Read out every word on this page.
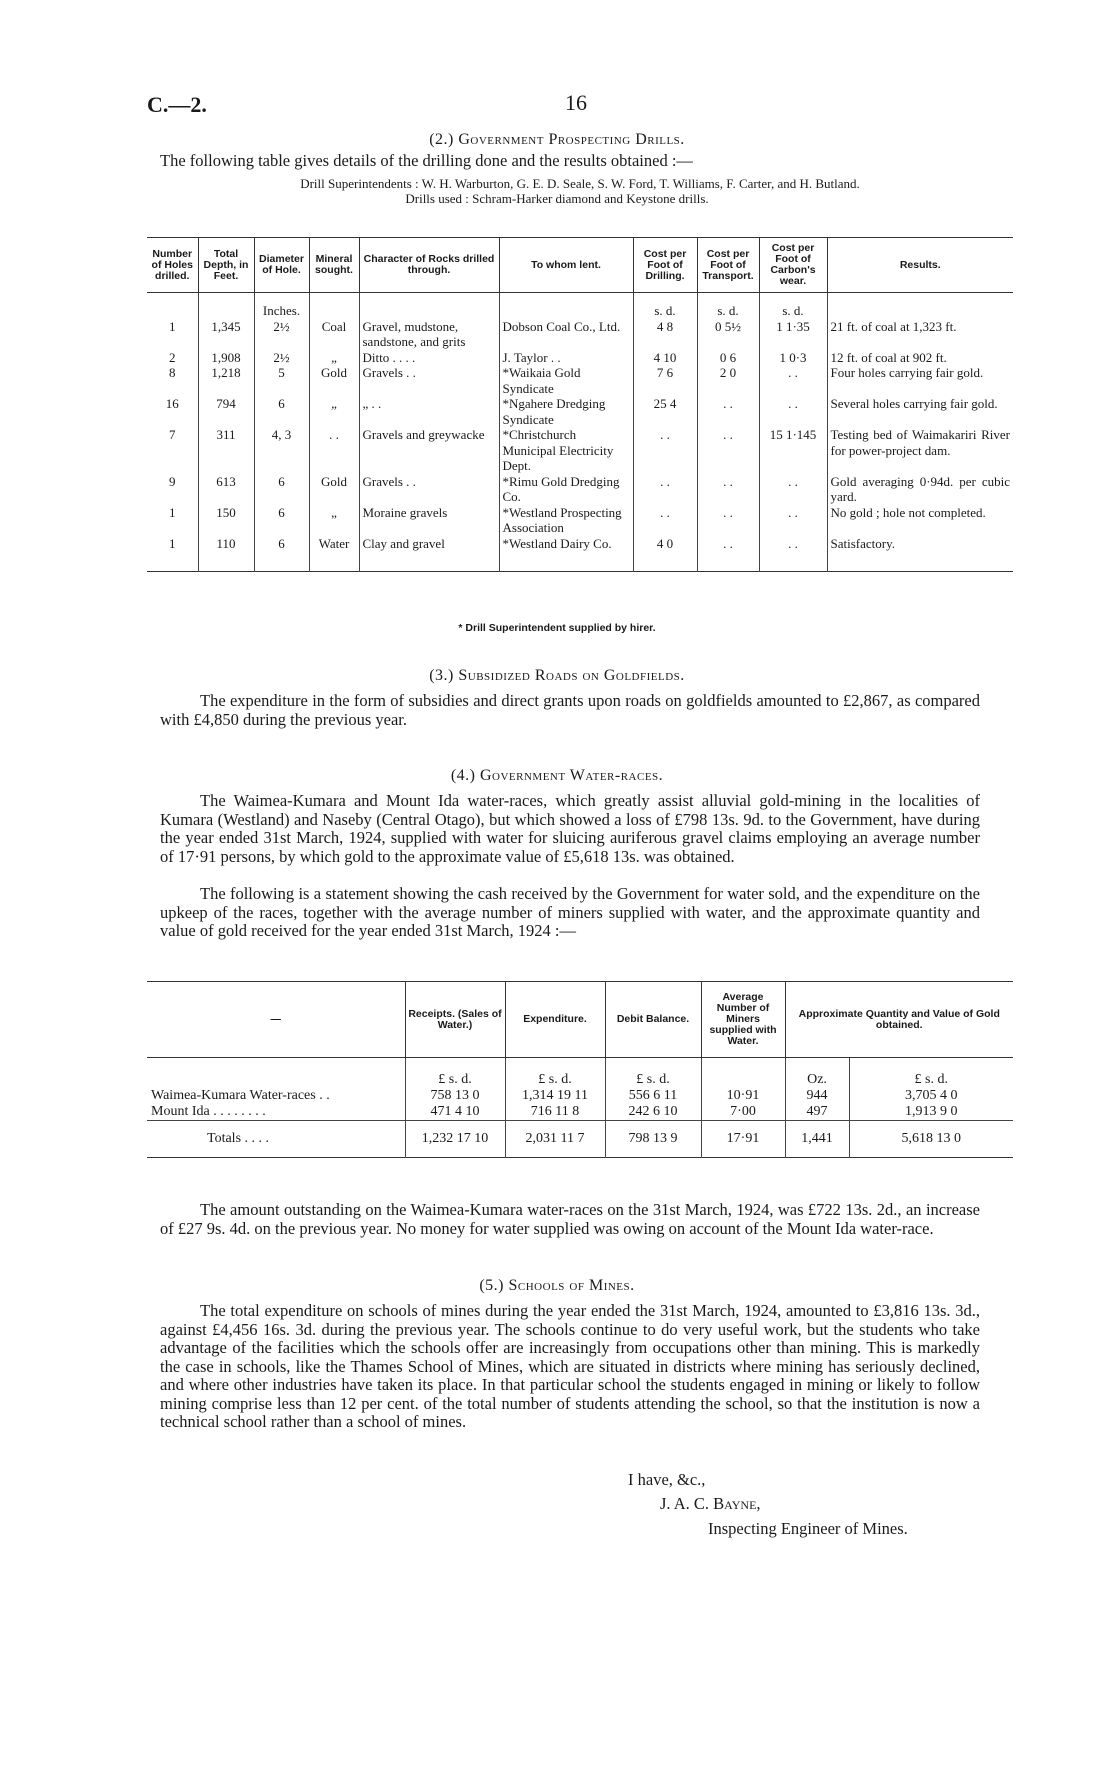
C.—2.	16
(2.) Government Prospecting Drills.
The following table gives details of the drilling done and the results obtained :—
Drill Superintendents : W. H. Warburton, G. E. D. Seale, S. W. Ford, T. Williams, F. Carter, and H. Butland.
Drills used : Schram-Harker diamond and Keystone drills.
Number of Holes drilled.	Total Depth, in Feet.	Diameter of Hole.	Mineral sought.	Character of Rocks drilled through.	To whom lent.	Cost per Foot of Drilling.	Cost per Foot of Transport.	Cost per Foot of Carbon's wear.	Results.
		Inches.				s. d.	s. d.	s. d.	
1	1,345	2½	Coal	Gravel, mudstone, sandstone, and grits	Dobson Coal Co., Ltd.	4 8	0 5½	1 1·35	21 ft. of coal at 1,323 ft.
2	1,908	2½	„	Ditto . . . .	J. Taylor . .	4 10	0 6	1 0·3	12 ft. of coal at 902 ft.
8	1,218	5	Gold	Gravels . .	*Waikaia Gold Syndicate	7 6	2 0	. .	Four holes carrying fair gold.
16	794	6	„	„ . .	*Ngahere Dredging Syndicate	25 4	. .	. .	Several holes carrying fair gold.
7	311	4, 3	. .	Gravels and greywacke	*Christchurch Municipal Electricity Dept.	. .	. .	15 1·145	Testing bed of Waimakariri River for power-project dam.
9	613	6	Gold	Gravels . .	*Rimu Gold Dredging Co.	. .	. .	. .	Gold averaging 0·94d. per cubic yard.
1	150	6	„	Moraine gravels	*Westland Prospecting Association	. .	. .	. .	No gold ; hole not completed.
1	110	6	Water	Clay and gravel	*Westland Dairy Co.	4 0	. .	. .	Satisfactory.
* Drill Superintendent supplied by hirer.
(3.) Subsidized Roads on Goldfields.
The expenditure in the form of subsidies and direct grants upon roads on goldfields amounted to £2,867, as compared with £4,850 during the previous year.
(4.) Government Water-races.
The Waimea-Kumara and Mount Ida water-races, which greatly assist alluvial gold-mining in the localities of Kumara (Westland) and Naseby (Central Otago), but which showed a loss of £798 13s. 9d. to the Government, have during the year ended 31st March, 1924, supplied with water for sluicing auriferous gravel claims employing an average number of 17·91 persons, by which gold to the approximate value of £5,618 13s. was obtained.
The following is a statement showing the cash received by the Government for water sold, and the expenditure on the upkeep of the races, together with the average number of miners supplied with water, and the approximate quantity and value of gold received for the year ended 31st March, 1924 :—
—	Receipts. (Sales of Water.)	Expenditure.	Debit Balance.	Average Number of Miners supplied with Water.	Approximate Quantity and Value of Gold obtained.	
	£ s. d.	£ s. d.	£ s. d.		Oz.	£ s. d.
Waimea-Kumara Water-races . .	758 13 0	1,314 19 11	556 6 11	10·91	944	3,705 4 0
Mount Ida . . . . . . . .	471 4 10	716 11 8	242 6 10	7·00	497	1,913 9 0
Totals . . . .	1,232 17 10	2,031 11 7	798 13 9	17·91	1,441	5,618 13 0
The amount outstanding on the Waimea-Kumara water-races on the 31st March, 1924, was £722 13s. 2d., an increase of £27 9s. 4d. on the previous year. No money for water supplied was owing on account of the Mount Ida water-race.
(5.) Schools of Mines.
The total expenditure on schools of mines during the year ended the 31st March, 1924, amounted to £3,816 13s. 3d., against £4,456 16s. 3d. during the previous year. The schools continue to do very useful work, but the students who take advantage of the facilities which the schools offer are increasingly from occupations other than mining. This is markedly the case in schools, like the Thames School of Mines, which are situated in districts where mining has seriously declined, and where other industries have taken its place. In that particular school the students engaged in mining or likely to follow mining comprise less than 12 per cent. of the total number of students attending the school, so that the institution is now a technical school rather than a school of mines.
I have, &c.,
J. A. C. Bayne,
Inspecting Engineer of Mines.
